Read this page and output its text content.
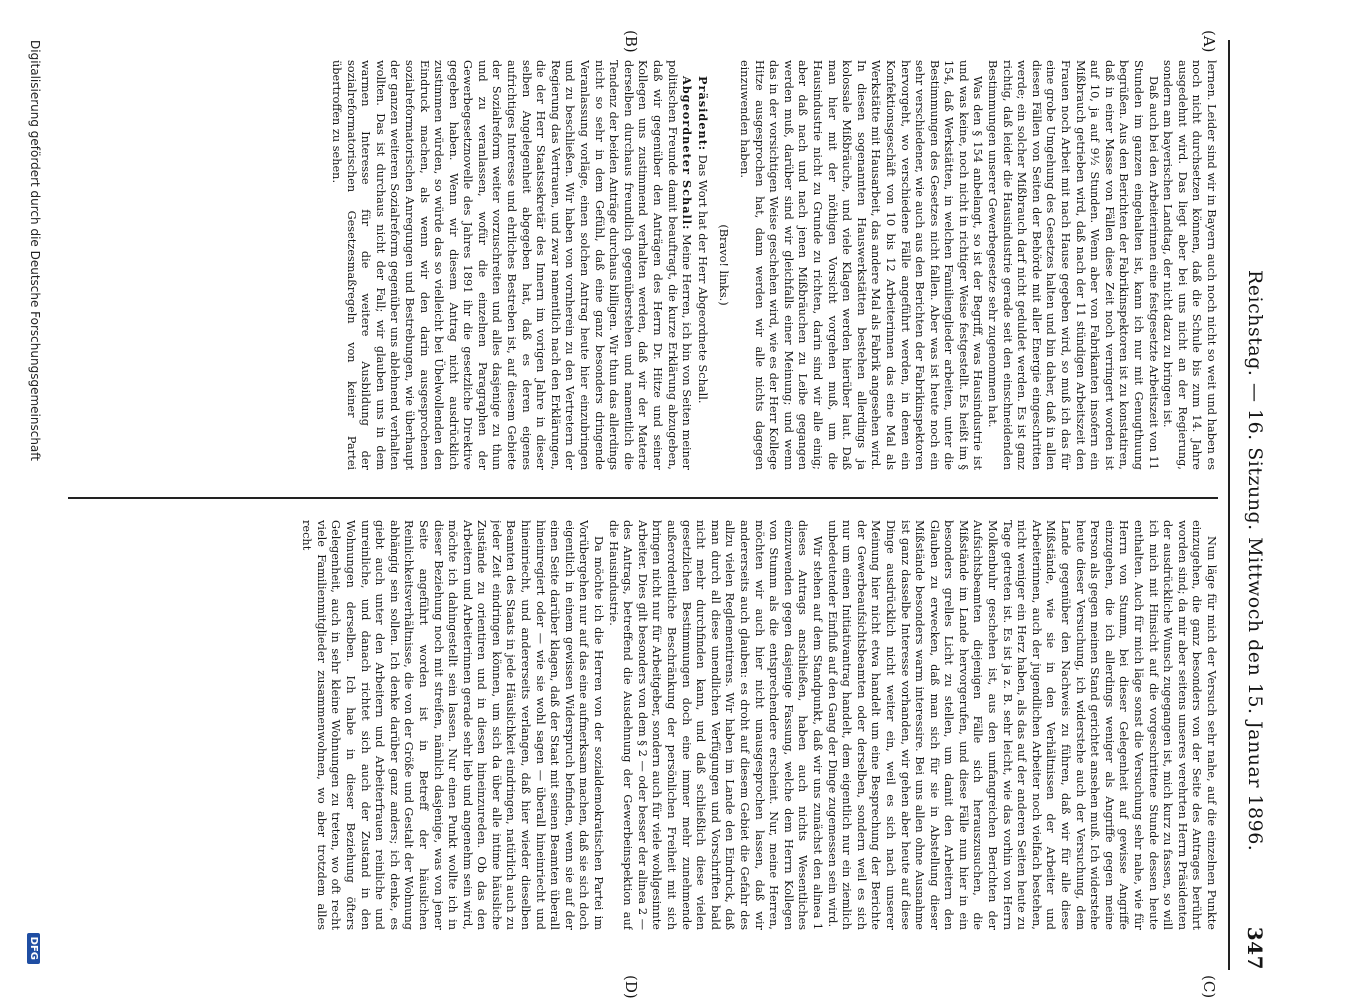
Reichstag. — 16. Sitzung. Mittwoch den 15. Januar 1896.
347
(A)
(B)
(C)
(D)

lernen. Leider sind wir in Bayern auch noch nicht so weit und haben es noch nicht durchsetzen können, daß die Schule bis zum 14. Jahre ausgedehnt wird. Das liegt aber bei uns nicht an der Regierung, sondern am bayerischen Landtag, der nicht dazu zu bringen ist.

Daß auch bei den Arbeiterinnen eine festgesetzte Arbeitszeit von 11 Stunden im ganzen eingehalten ist, kann ich nur mit Genugthuung begrüßen. Aus den Berichten der Fabrikinspektoren ist zu konstatiren, daß in einer Masse von Fällen diese Zeit noch verringert worden ist auf 10, ja auf 9½ Stunden. Wenn aber von Fabrikanten insofern ein Mißbrauch getrieben wird, daß nach der 11 stündigen Arbeitszeit den Frauen noch Arbeit mit nach Hause gegeben wird, so muß ich das für eine grobe Umgehung des Gesetzes halten und bin daher, daß in allen diesen Fällen von Seiten der Behörde mit aller Energie eingeschritten werde; ein solcher Mißbrauch darf nicht geduldet werden. Es ist ganz richtig, daß leider die Hausindustrie gerade seit den einschneidenden Bestimmungen unserer Gewerbegesetze sehr zugenommen hat.

Was den § 154 anbelangt, so ist der Begriff, was Hausindustrie ist und was keine, noch nicht in richtiger Weise festgestellt. Es heißt im § 154, daß Werkstätten, in welchen Familienglieder arbeiten, unter die Bestimmungen des Gesetzes nicht fallen. Aber was ist heute noch ein sehr verschiedener, wie auch aus den Berichten der Fabrikinspektoren hervorgeht, wo verschiedene Fälle angeführt werden, in denen ein Konfektionsgeschäft von 10 bis 12 Arbeiterinnen das eine Mal als Werkstätte mit Hausarbeit, das andere Mal als Fabrik angesehen wird. In diesen sogenannten Hauswerkstätten bestehen allerdings ja kolossale Mißbräuche, und viele Klagen werden hierüber laut. Daß man hier mit der nöthigen Vorsicht vorgehen muß, um die Hausindustrie nicht zu Grunde zu richten, darin sind wir alle einig; aber daß nach und nach jenen Mißbräuchen zu Leibe gegangen werden muß, darüber sind wir gleichfalls einer Meinung; und wenn das in der vorsichtigen Weise geschehen wird, wie es der Herr Kollege Hitze ausgesprochen hat, dann werden wir alle nichts dagegen einzuwenden haben.

(Bravo! links.)

Präsident: Das Wort hat der Herr Abgeordnete Schall.

Abgeordneter Schall: Meine Herren, ich bin von Seiten meiner politischen Freunde damit beauftragt, die kurze Erklärung abzugeben, daß wir gegenüber den Anträgen des Herrn Dr. Hitze und seiner Kollegen uns zustimmend verhalten werden, daß wir der Materie derselben durchaus freundlich gegenüberstehen und namentlich die Tendenz der beiden Anträge durchaus billigen. Wir thun das allerdings nicht so sehr in dem Gefühl, daß eine ganz besonders dringende Veranlassung vorläge, einen solchen Antrag heute hier einzubringen und zu beschließen. Wir haben von vornherein zu den Vertretern der Regierung das Vertrauen, und zwar namentlich nach den Erklärungen, die der Herr Staatssekretär des Innern im vorigen Jahre in dieser selben Angelegenheit abgegeben hat, daß es deren eigenes aufrichtiges Interesse und ehrliches Bestreben ist, auf diesem Gebiete der Sozialreform weiter vorzuschreiten und alles dasjenige zu thun und zu veranlassen, wofür die einzelnen Paragraphen der Gewerbegesetznovelle des Jahres 1891 ihr die gesetzliche Direktive gegeben haben. Wenn wir diesem Antrag nicht ausdrücklich zustimmen würden, so würde das so vielleicht bei Übelwollenden den Eindruck machen, als wenn wir den darin ausgesprochenen sozialreformatorischen Anregungen und Bestrebungen, wie überhaupt der ganzen weiteren Sozialreform gegenüber uns ablehnend verhalten wollten. Das ist durchaus nicht der Fall; wir glauben uns in dem warmen Interesse für die weitere Ausbildung der sozialreformatorischen Gesetzesmaßregeln von keiner Partei übertroffen zu sehen.

Nun läge für mich der Versuch sehr nahe, auf die einzelnen Punkte einzugehen, die ganz besonders von der Seite des Antrages berührt worden sind; da mir aber seitens unseres verehrten Herrn Präsidenten der ausdrückliche Wunsch zugegangen ist, mich kurz zu fassen, so will ich mich mit Hinsicht auf die vorgeschrittene Stunde dessen heute enthalten. Auch für mich läge sonst die Versuchung sehr nahe, wie für Herrn von Stumm, bei dieser Gelegenheit auf gewisse Angriffe einzugehen, die ich allerdings weniger als Angriffe gegen meine Person als gegen meinen Stand gerichtet ansehen muß. Ich widerstehe heute dieser Versuchung, ich widerstehe auch der Versuchung, dem Lande gegenüber den Nachweis zu führen, daß wir für alle diese Mißstände, wie sie in den Verhältnissen der Arbeiter und Arbeiterinnen, auch der jugendlichen Arbeiter noch vielfach bestehen, nicht weniger ein Herz haben, als das auf der anderen Seiten heute zu Tage getreten ist. Es ist ja z. B. sehr leicht, wie das vorhin von Herrn Molkenbuhr geschehen ist, aus den umfangreichen Berichten der Aufsichtsbeamten diejenigen Fälle sich herauszusuchen, die Mißstände im Lande hervorgerufen, und diese Fälle nun hier in ein besonders grelles Licht zu stellen, um damit den Arbeitern den Glauben zu erwecken, daß man sich für sie in Abstellung dieser Mißstände besonders warm interessire. Bei uns allen ohne Ausnahme ist ganz dasselbe Interesse vorhanden, wir gehen aber heute auf diese Dinge ausdrücklich nicht weiter ein, weil es sich nach unserer Meinung hier nicht etwa handelt um eine Besprechung der Berichte der Gewerbeaufsichtsbeamten oder derselben, sondern weil es sich nur um einen Initiativantrag handelt, dem eigentlich nur ein ziemlich unbedeutender Einfluß auf den Gang der Dinge zugemessen sein wird.

Wir stehen auf dem Standpunkt, daß wir uns zunächst den alinea 1 dieses Antrags anschließen, haben auch nichts Wesentliches einzuwenden gegen dasjenige Fassung, welche dem Herrn Kollegen von Stumm als die entsprechendere erscheint. Nur, meine Herren, möchten wir auch hier nicht unausgesprochen lassen, daß wir andererseits auch glauben: es droht auf diesem Gebiet die Gefahr des allzu vielen Reglementirens. Wir haben im Lande den Eindruck, daß man durch all diese unendlichen Verfügungen und Vorschriften bald nicht mehr durchfinden kann, und daß schließlich diese vielen gesetzlichen Bestimmungen doch eine immer mehr zunehmende außerordentliche Beschränkung der persönlichen Freiheit mit sich bringen nicht nur für Arbeitgeber, sondern auch für viele wohlgesinnte Arbeiter. Dies gilt besonders von dem § 2 — oder besser der alinea 2 — des Antrags, betreffend die Ausdehnung der Gewerbeinspektion auf die Hausindustrie.

Da möchte ich die Herren von der sozialdemokratischen Partei im Vorübergehen nur auf das eine aufmerksam machen, daß sie sich doch eigentlich in einem gewissen Widerspruch befinden, wenn sie auf der einen Seite darüber klagen, daß der Staat mit seinen Beamten überall hineinregiert oder — wie sie wohl sagen — überall hineinriecht und hineinriecht, und andererseits verlangen, daß hier wieder dieselben Beamten des Staats in jede Häuslichkeit eindringen, natürlich auch zu jeder Zeit eindringen können, um sich da über alle intime häusliche Zustände zu orientiren und in diesen hineinzureden. Ob das den Arbeitern und Arbeiterinnen gerade sehr lieb und angenehm sein wird, möchte ich dahingestellt sein lassen. Nur einen Punkt wollte ich in dieser Beziehung noch mit streifen, nämlich dasjenige, was von jener Seite angeführt worden ist in Betreff der häuslichen Reinlichkeitsverhältnisse, die von der Größe und Gestalt der Wohnung abhängig sein sollen. Ich denke darüber ganz anders; ich denke, es giebt auch unter den Arbeitern und Arbeiterfrauen reinliche und unreinliche, und danach richtet sich auch der Zustand in den Wohnungen derselben. Ich habe in dieser Beziehung öfters Gelegenheit, auch in sehr kleine Wohnungen zu treten, wo oft recht viele Familienmitglieder zusammenwohnen, wo aber trotzdem alles recht

Digitalisierung gefördert durch die Deutsche Forschungsgemeinschaft
DFG
